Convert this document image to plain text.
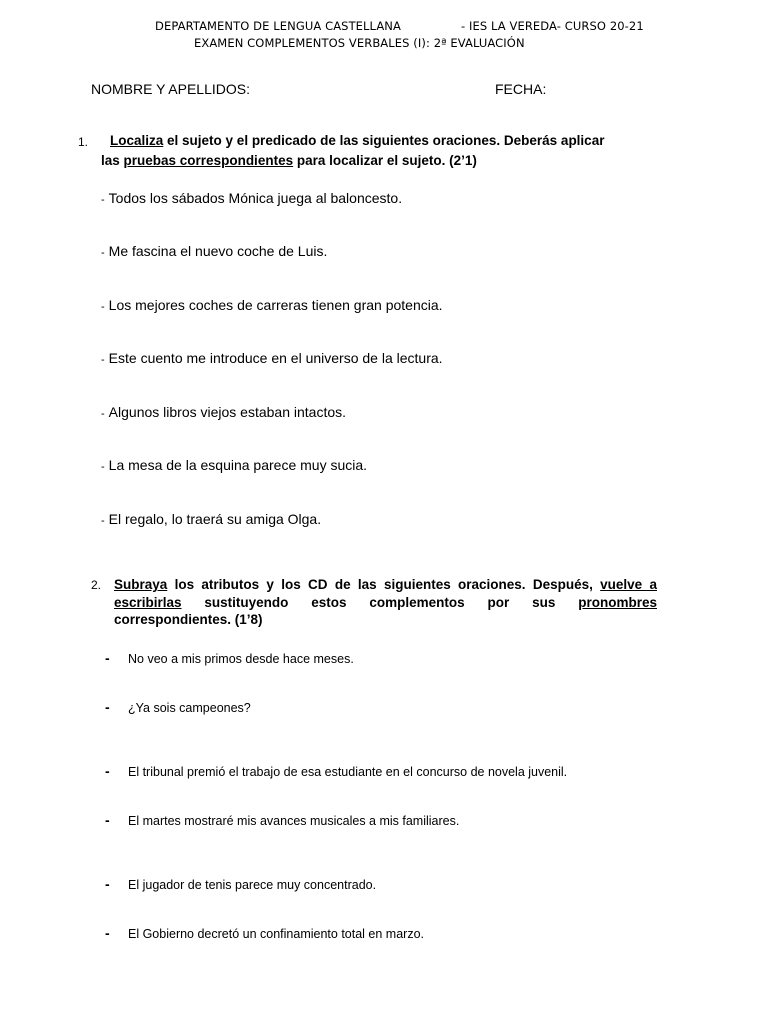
DEPARTAMENTO DE LENGUA CASTELLANA	- IES LA VEREDA- CURSO 20-21
EXAMEN COMPLEMENTOS VERBALES (I): 2ª EVALUACIÓN
NOMBRE Y APELLIDOS:	FECHA:
1.	Localiza el sujeto y el predicado de las siguientes oraciones. Deberás aplicar
las pruebas correspondientes para localizar el sujeto. (2’1)
- Todos los sábados Mónica juega al baloncesto.
- Me fascina el nuevo coche de Luis.
- Los mejores coches de carreras tienen gran potencia.
- Este cuento me introduce en el universo de la lectura.
- Algunos libros viejos estaban intactos.
- La mesa de la esquina parece muy sucia.
- El regalo, lo traerá su amiga Olga.
2. Subraya los atributos y los CD de las siguientes oraciones. Después, vuelve a escribirlas sustituyendo estos complementos por sus pronombres correspondientes. (1’8)
- No veo a mis primos desde hace meses.
- ¿Ya sois campeones?
- El tribunal premió el trabajo de esa estudiante en el concurso de novela juvenil.
- El martes mostraré mis avances musicales a mis familiares.
- El jugador de tenis parece muy concentrado.
- El Gobierno decretó un confinamiento total en marzo.
